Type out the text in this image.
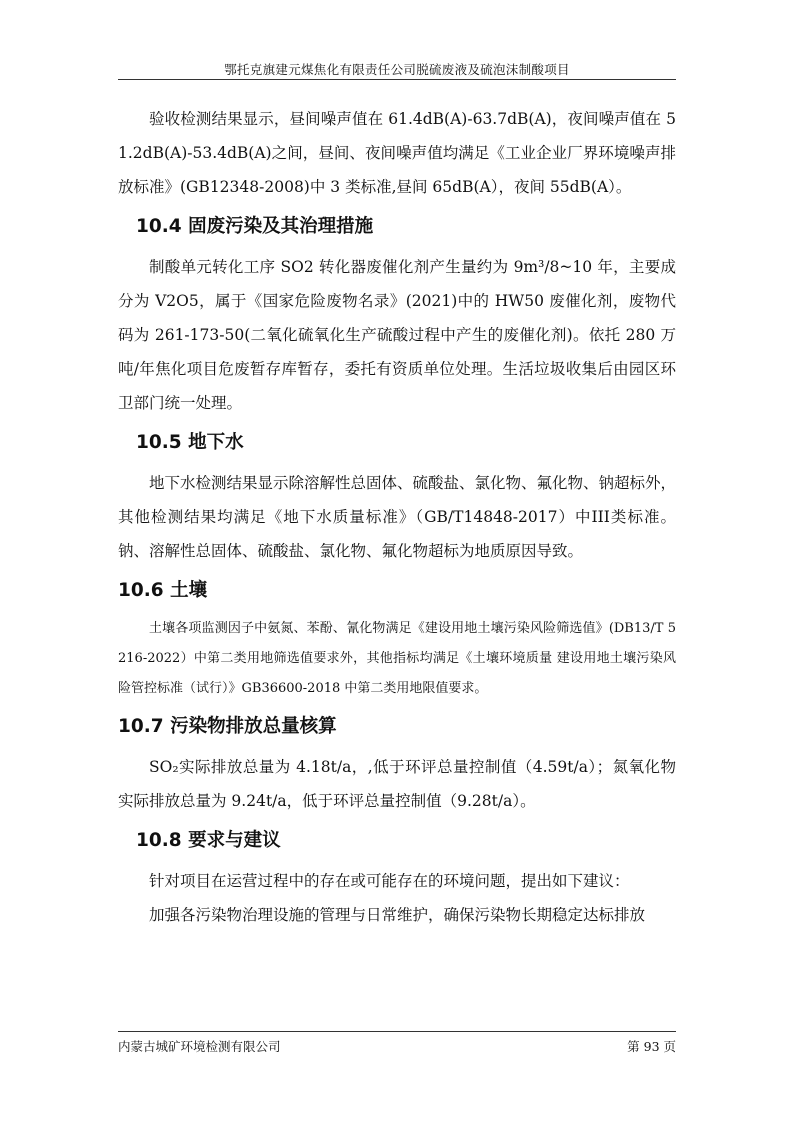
鄂托克旗建元煤焦化有限责任公司脱硫废液及硫泡沫制酸项目

验收检测结果显示，昼间噪声值在 61.4dB(A)-63.7dB(A)，夜间噪声值在 51.2dB(A)-53.4dB(A)之间，昼间、夜间噪声值均满足《工业企业厂界环境噪声排放标准》(GB12348-2008)中 3 类标准,昼间 65dB(A），夜间 55dB(A）。

10.4 固废污染及其治理措施

制酸单元转化工序 SO2 转化器废催化剂产生量约为 9m³/8~10 年，主要成分为 V2O5，属于《国家危险废物名录》(2021)中的 HW50 废催化剂，废物代码为 261-173-50(二氧化硫氧化生产硫酸过程中产生的废催化剂)。依托 280 万吨/年焦化项目危废暂存库暂存，委托有资质单位处理。生活垃圾收集后由园区环卫部门统一处理。

10.5 地下水

地下水检测结果显示除溶解性总固体、硫酸盐、氯化物、氟化物、钠超标外，其他检测结果均满足《地下水质量标准》（GB/T14848-2017）中III类标准。钠、溶解性总固体、硫酸盐、氯化物、氟化物超标为地质原因导致。

10.6 土壤

土壤各项监测因子中氨氮、苯酚、氰化物满足《建设用地土壤污染风险筛选值》(DB13/T 5216-2022）中第二类用地筛选值要求外，其他指标均满足《土壤环境质量 建设用地土壤污染风险管控标准（试行）》GB36600-2018 中第二类用地限值要求。

10.7 污染物排放总量核算

SO₂实际排放总量为 4.18t/a，,低于环评总量控制值（4.59t/a）；氮氧化物实际排放总量为 9.24t/a，低于环评总量控制值（9.28t/a）。

10.8 要求与建议

针对项目在运营过程中的存在或可能存在的环境问题，提出如下建议：

加强各污染物治理设施的管理与日常维护，确保污染物长期稳定达标排放

内蒙古城矿环境检测有限公司	第 93 页
